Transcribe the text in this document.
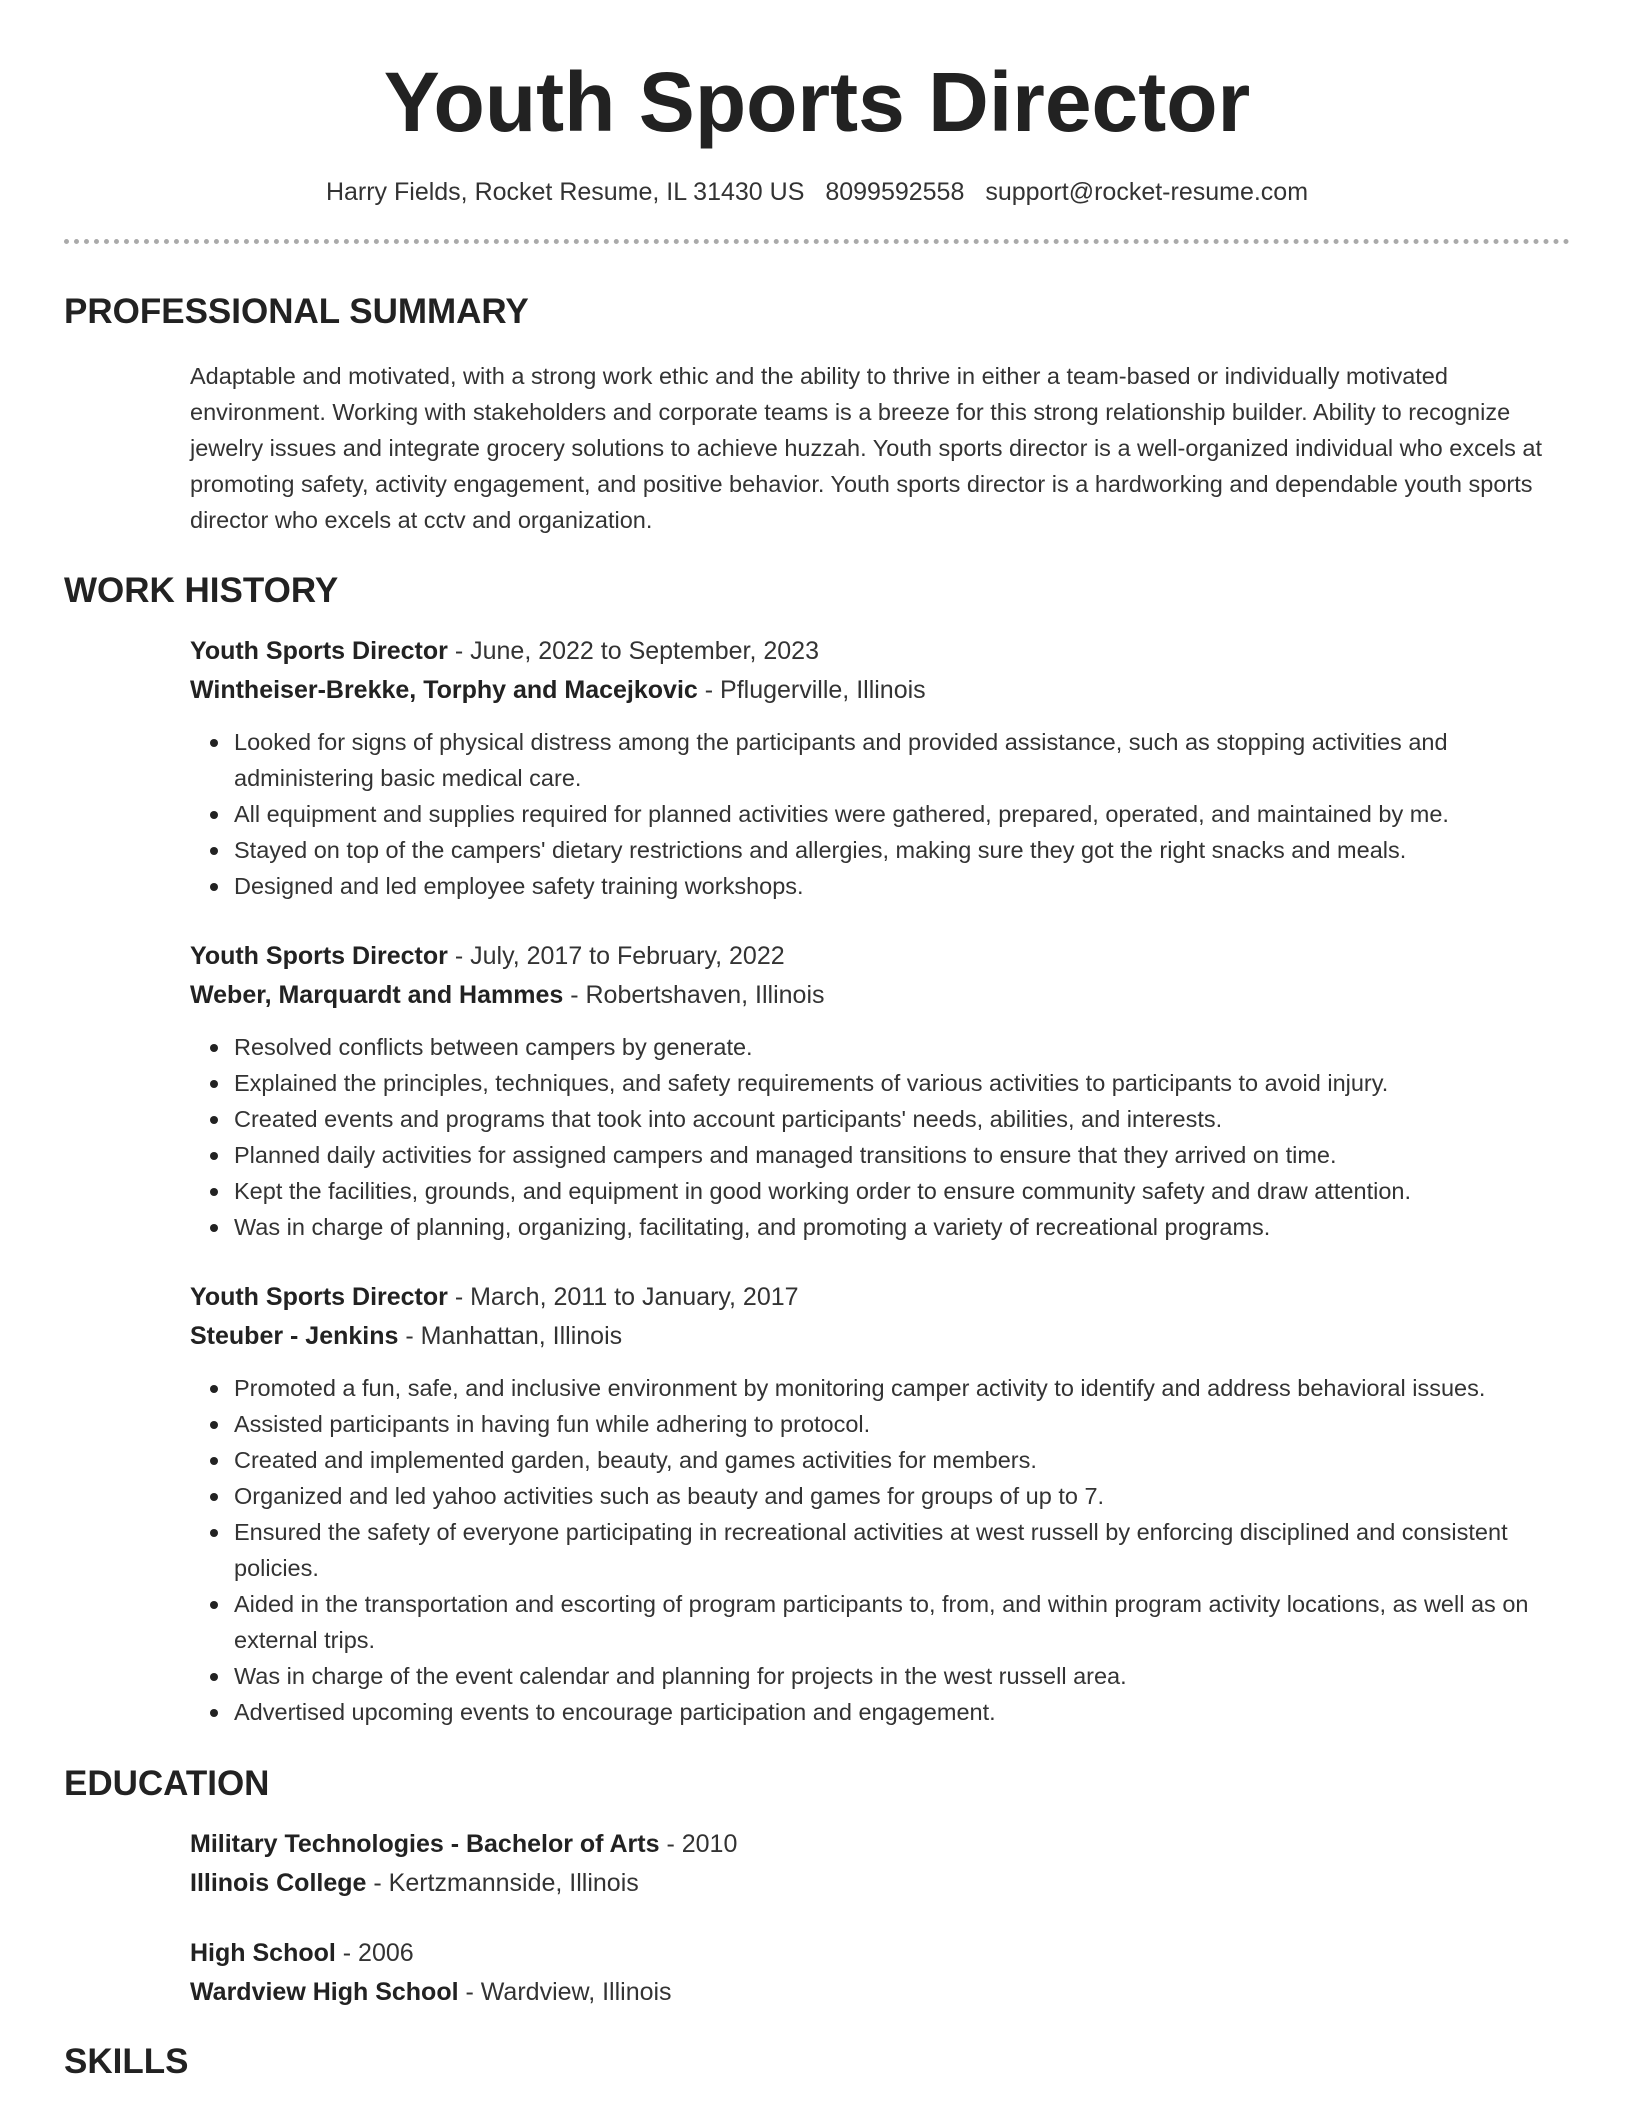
Youth Sports Director
Harry Fields, Rocket Resume, IL 31430 US 8099592558 support@rocket-resume.com
PROFESSIONAL SUMMARY

Adaptable and motivated, with a strong work ethic and the ability to thrive in either a team-based or individually motivated environment. Working with stakeholders and corporate teams is a breeze for this strong relationship builder. Ability to recognize jewelry issues and integrate grocery solutions to achieve huzzah. Youth sports director is a well-organized individual who excels at promoting safety, activity engagement, and positive behavior. Youth sports director is a hardworking and dependable youth sports director who excels at cctv and organization.

WORK HISTORY
Youth Sports Director - June, 2022 to September, 2023
Wintheiser-Brekke, Torphy and Macejkovic - Pflugerville, Illinois
Looked for signs of physical distress among the participants and provided assistance, such as stopping activities and administering basic medical care.
All equipment and supplies required for planned activities were gathered, prepared, operated, and maintained by me.
Stayed on top of the campers' dietary restrictions and allergies, making sure they got the right snacks and meals.
Designed and led employee safety training workshops.
Youth Sports Director - July, 2017 to February, 2022
Weber, Marquardt and Hammes - Robertshaven, Illinois
Resolved conflicts between campers by generate.
Explained the principles, techniques, and safety requirements of various activities to participants to avoid injury.
Created events and programs that took into account participants' needs, abilities, and interests.
Planned daily activities for assigned campers and managed transitions to ensure that they arrived on time.
Kept the facilities, grounds, and equipment in good working order to ensure community safety and draw attention.
Was in charge of planning, organizing, facilitating, and promoting a variety of recreational programs.
Youth Sports Director - March, 2011 to January, 2017
Steuber - Jenkins - Manhattan, Illinois
Promoted a fun, safe, and inclusive environment by monitoring camper activity to identify and address behavioral issues.
Assisted participants in having fun while adhering to protocol.
Created and implemented garden, beauty, and games activities for members.
Organized and led yahoo activities such as beauty and games for groups of up to 7.
Ensured the safety of everyone participating in recreational activities at west russell by enforcing disciplined and consistent policies.
Aided in the transportation and escorting of program participants to, from, and within program activity locations, as well as on external trips.
Was in charge of the event calendar and planning for projects in the west russell area.
Advertised upcoming events to encourage participation and engagement.
EDUCATION
Military Technologies - Bachelor of Arts - 2010
Illinois College - Kertzmannside, Illinois
High School - 2006
Wardview High School - Wardview, Illinois
SKILLS
